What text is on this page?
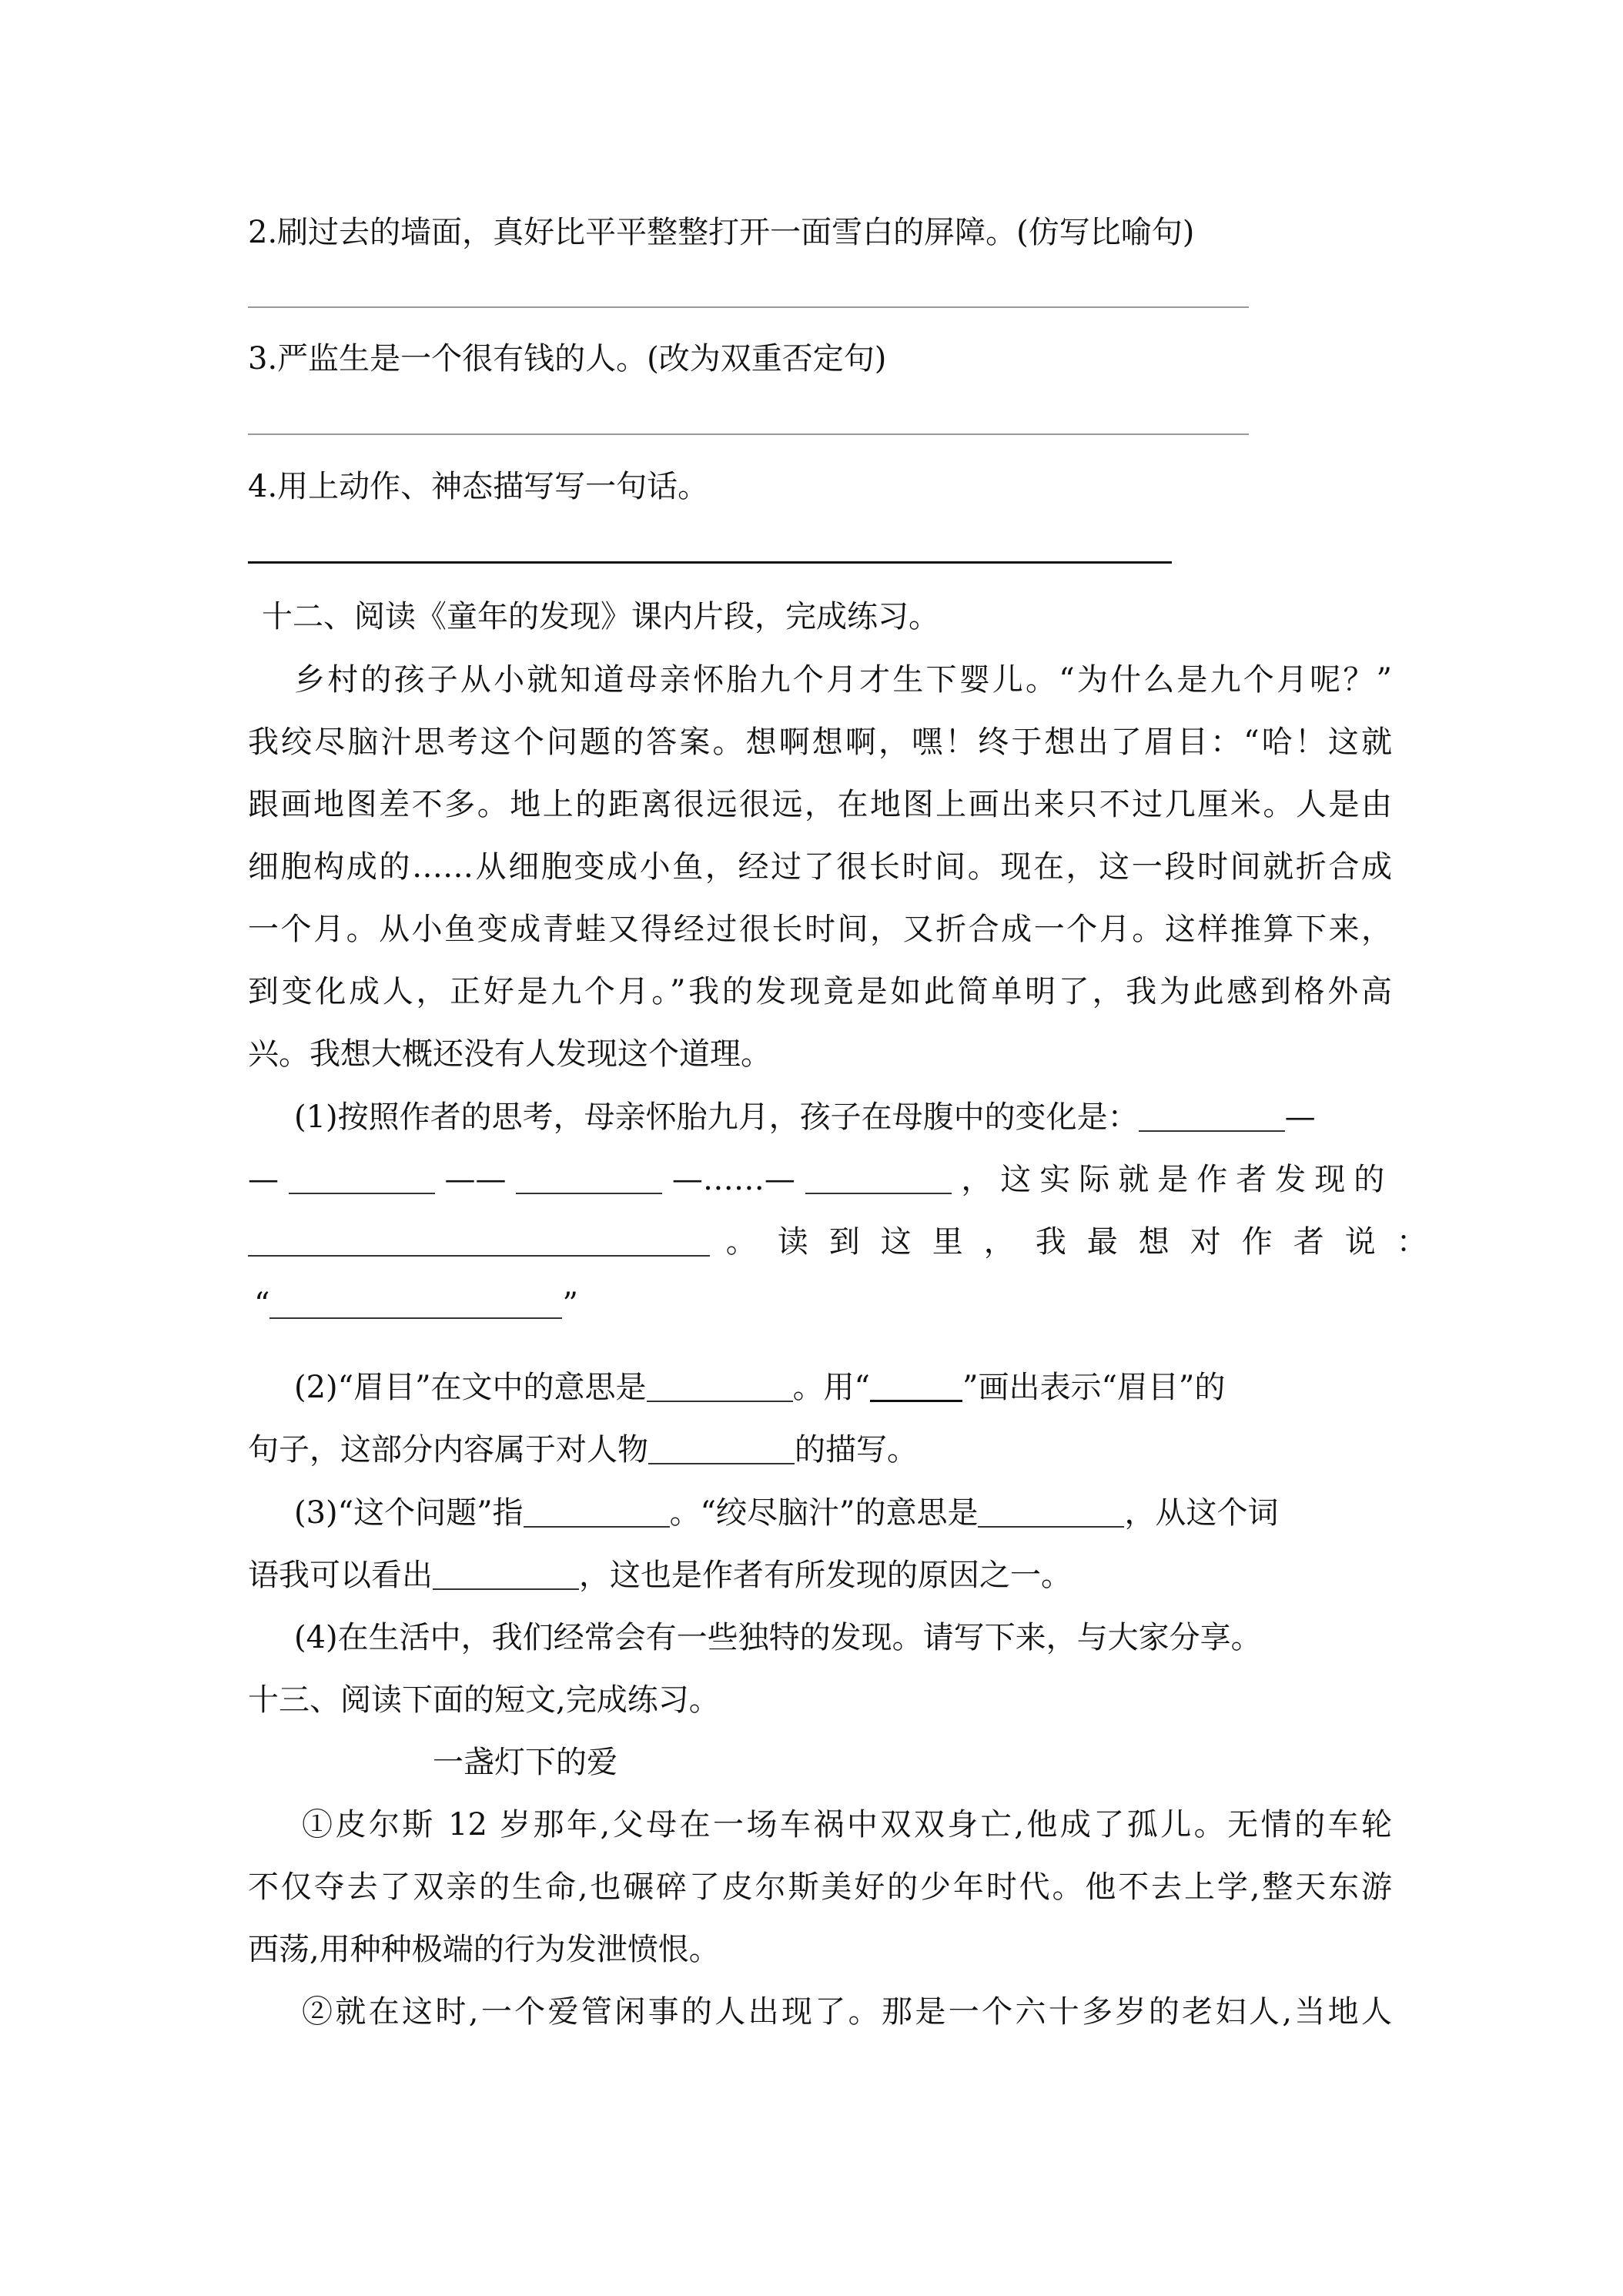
2.刷过去的墙面，真好比平平整整打开一面雪白的屏障。(仿写比喻句)
3.严监生是一个很有钱的人。(改为双重否定句)
4.用上动作、神态描写写一句话。
十二、阅读《童年的发现》课内片段，完成练习。
乡村的孩子从小就知道母亲怀胎九个月才生下婴儿。“为什么是九个月呢？”
我绞尽脑汁思考这个问题的答案。想啊想啊，嘿！终于想出了眉目：“哈！这就
跟画地图差不多。地上的距离很远很远，在地图上画出来只不过几厘米。人是由
细胞构成的……从细胞变成小鱼，经过了很长时间。现在，这一段时间就折合成
一个月。从小鱼变成青蛙又得经过很长时间，又折合成一个月。这样推算下来，
到变化成人，正好是九个月。”我的发现竟是如此简单明了，我为此感到格外高
兴。我想大概还没有人发现这个道理。
(1)按照作者的思考，母亲怀胎九月，孩子在母腹中的变化是：	—
—	——	—……—	，这实际就是作者发现的
。读到这里，我最想对作者说：
“	”
(2)“眉目”在文中的意思是	。用“	”画出表示“眉目”的
句子，这部分内容属于对人物	的描写。
(3)“这个问题”指	。“绞尽脑汁”的意思是	，从这个词
语我可以看出	，这也是作者有所发现的原因之一。
(4)在生活中，我们经常会有一些独特的发现。请写下来，与大家分享。
十三、阅读下面的短文,完成练习。
一盏灯下的爱
①皮尔斯 12 岁那年,父母在一场车祸中双双身亡,他成了孤儿。无情的车轮
不仅夺去了双亲的生命,也碾碎了皮尔斯美好的少年时代。他不去上学,整天东游
西荡,用种种极端的行为发泄愤恨。
②就在这时,一个爱管闲事的人出现了。那是一个六十多岁的老妇人,当地人
